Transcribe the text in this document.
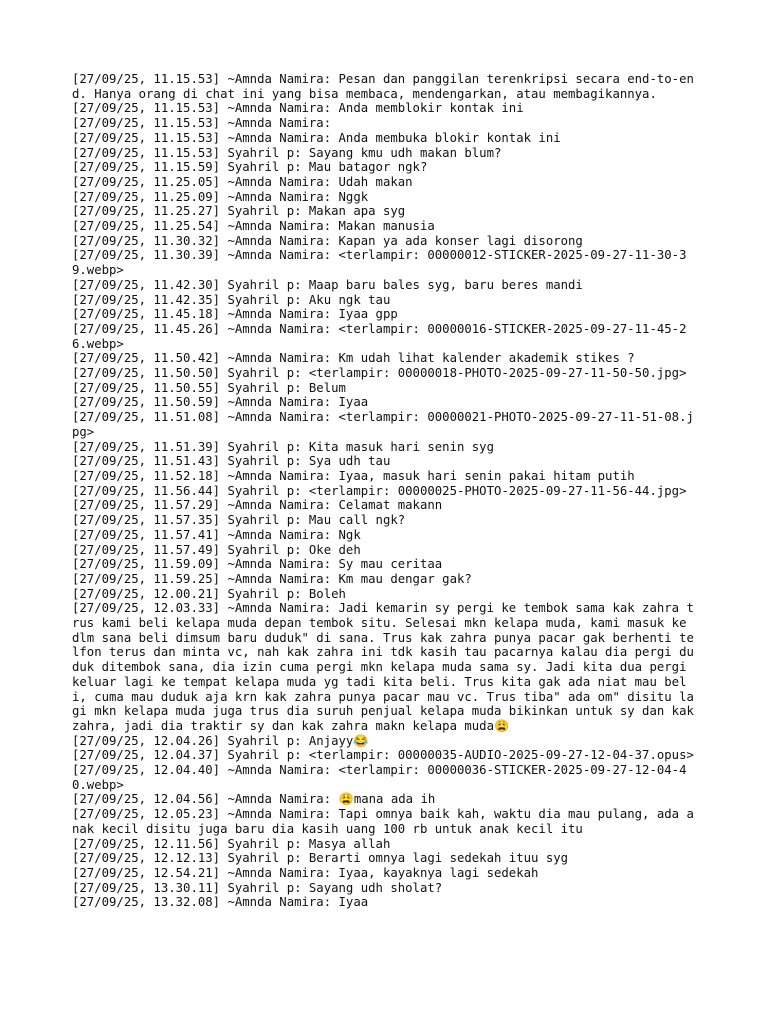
[27/09/25, 11.15.53] ~Amnda Namira: Pesan dan panggilan terenkripsi secara end-to-end. Hanya orang di chat ini yang bisa membaca, mendengarkan, atau membagikannya.

[27/09/25, 11.15.53] ~Amnda Namira: Anda memblokir kontak ini

[27/09/25, 11.15.53] ~Amnda Namira:

[27/09/25, 11.15.53] ~Amnda Namira: Anda membuka blokir kontak ini

[27/09/25, 11.15.53] Syahril p: Sayang kmu udh makan blum?

[27/09/25, 11.15.59] Syahril p: Mau batagor ngk?

[27/09/25, 11.25.05] ~Amnda Namira: Udah makan

[27/09/25, 11.25.09] ~Amnda Namira: Nggk

[27/09/25, 11.25.27] Syahril p: Makan apa syg

[27/09/25, 11.25.54] ~Amnda Namira: Makan manusia

[27/09/25, 11.30.32] ~Amnda Namira: Kapan ya ada konser lagi disorong

[27/09/25, 11.30.39] ~Amnda Namira: <terlampir: 00000012-STICKER-2025-09-27-11-30-39.webp>

[27/09/25, 11.42.30] Syahril p: Maap baru bales syg, baru beres mandi

[27/09/25, 11.42.35] Syahril p: Aku ngk tau

[27/09/25, 11.45.18] ~Amnda Namira: Iyaa gpp

[27/09/25, 11.45.26] ~Amnda Namira: <terlampir: 00000016-STICKER-2025-09-27-11-45-26.webp>

[27/09/25, 11.50.42] ~Amnda Namira: Km udah lihat kalender akademik stikes ?

[27/09/25, 11.50.50] Syahril p: <terlampir: 00000018-PHOTO-2025-09-27-11-50-50.jpg>

[27/09/25, 11.50.55] Syahril p: Belum

[27/09/25, 11.50.59] ~Amnda Namira: Iyaa

[27/09/25, 11.51.08] ~Amnda Namira: <terlampir: 00000021-PHOTO-2025-09-27-11-51-08.jpg>

[27/09/25, 11.51.39] Syahril p: Kita masuk hari senin syg

[27/09/25, 11.51.43] Syahril p: Sya udh tau

[27/09/25, 11.52.18] ~Amnda Namira: Iyaa, masuk hari senin pakai hitam putih

[27/09/25, 11.56.44] Syahril p: <terlampir: 00000025-PHOTO-2025-09-27-11-56-44.jpg>

[27/09/25, 11.57.29] ~Amnda Namira: Celamat makann

[27/09/25, 11.57.35] Syahril p: Mau call ngk?

[27/09/25, 11.57.41] ~Amnda Namira: Ngk

[27/09/25, 11.57.49] Syahril p: Oke deh

[27/09/25, 11.59.09] ~Amnda Namira: Sy mau ceritaa

[27/09/25, 11.59.25] ~Amnda Namira: Km mau dengar gak?

[27/09/25, 12.00.21] Syahril p: Boleh

[27/09/25, 12.03.33] ~Amnda Namira: Jadi kemarin sy pergi ke tembok sama kak zahra trus kami beli kelapa muda depan tembok situ. Selesai mkn kelapa muda, kami masuk ke dlm sana beli dimsum baru duduk" di sana. Trus kak zahra punya pacar gak berhenti telfon terus dan minta vc, nah kak zahra ini tdk kasih tau pacarnya kalau dia pergi duduk ditembok sana, dia izin cuma pergi mkn kelapa muda sama sy. Jadi kita dua pergi keluar lagi ke tempat kelapa muda yg tadi kita beli. Trus kita gak ada niat mau beli, cuma mau duduk aja krn kak zahra punya pacar mau vc. Trus tiba" ada om" disitu lagi mkn kelapa muda juga trus dia suruh penjual kelapa muda bikinkan untuk sy dan kak zahra, jadi dia traktir sy dan kak zahra makn kelapa muda😩

[27/09/25, 12.04.26] Syahril p: Anjayy😂

[27/09/25, 12.04.37] Syahril p: <terlampir: 00000035-AUDIO-2025-09-27-12-04-37.opus>

[27/09/25, 12.04.40] ~Amnda Namira: <terlampir: 00000036-STICKER-2025-09-27-12-04-40.webp>

[27/09/25, 12.04.56] ~Amnda Namira: 😩mana ada ih

[27/09/25, 12.05.23] ~Amnda Namira: Tapi omnya baik kah, waktu dia mau pulang, ada anak kecil disitu juga baru dia kasih uang 100 rb untuk anak kecil itu

[27/09/25, 12.11.56] Syahril p: Masya allah

[27/09/25, 12.12.13] Syahril p: Berarti omnya lagi sedekah ituu syg

[27/09/25, 12.54.21] ~Amnda Namira: Iyaa, kayaknya lagi sedekah

[27/09/25, 13.30.11] Syahril p: Sayang udh sholat?

[27/09/25, 13.32.08] ~Amnda Namira: Iyaa
